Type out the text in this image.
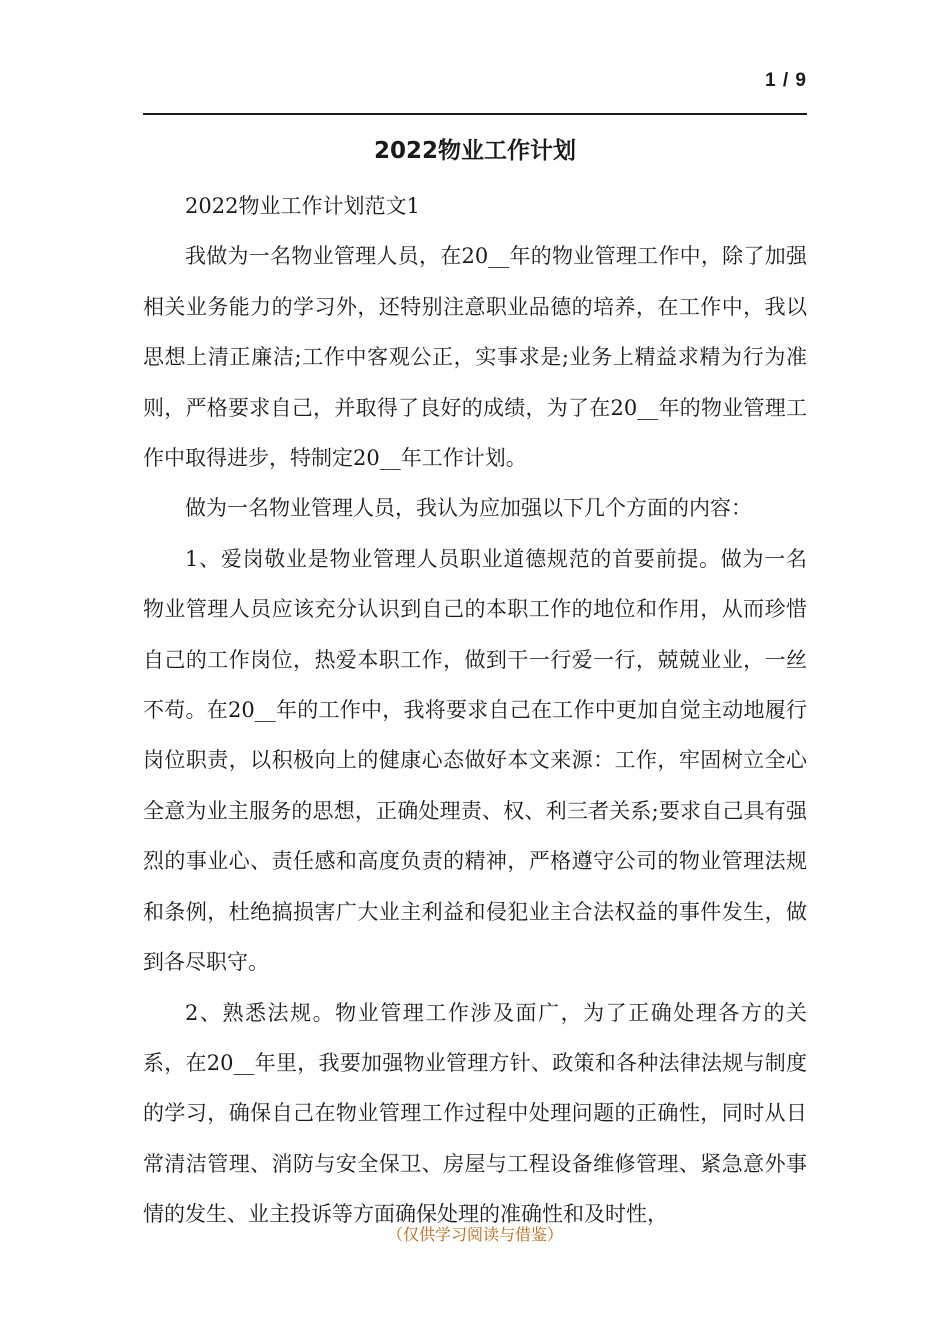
1 / 9
2022物业工作计划

2022物业工作计划范文1

我做为一名物业管理人员，在20__年的物业管理工作中，除了加强相关业务能力的学习外，还特别注意职业品德的培养，在工作中，我以思想上清正廉洁;工作中客观公正，实事求是;业务上精益求精为行为准则，严格要求自己，并取得了良好的成绩，为了在20__年的物业管理工作中取得进步，特制定20__年工作计划。

做为一名物业管理人员，我认为应加强以下几个方面的内容：

1、爱岗敬业是物业管理人员职业道德规范的首要前提。做为一名物业管理人员应该充分认识到自己的本职工作的地位和作用，从而珍惜自己的工作岗位，热爱本职工作，做到干一行爱一行，兢兢业业，一丝不苟。在20__年的工作中，我将要求自己在工作中更加自觉主动地履行岗位职责，以积极向上的健康心态做好本文来源：工作，牢固树立全心全意为业主服务的思想，正确处理责、权、利三者关系;要求自己具有强烈的事业心、责任感和高度负责的精神，严格遵守公司的物业管理法规和条例，杜绝搞损害广大业主利益和侵犯业主合法权益的事件发生，做到各尽职守。

2、熟悉法规。物业管理工作涉及面广，为了正确处理各方的关系，在20__年里，我要加强物业管理方针、政策和各种法律法规与制度的学习，确保自己在物业管理工作过程中处理问题的正确性，同时从日常清洁管理、消防与安全保卫、房屋与工程设备维修管理、紧急意外事情的发生、业主投诉等方面确保处理的准确性和及时性，

（仅供学习阅读与借鉴）
